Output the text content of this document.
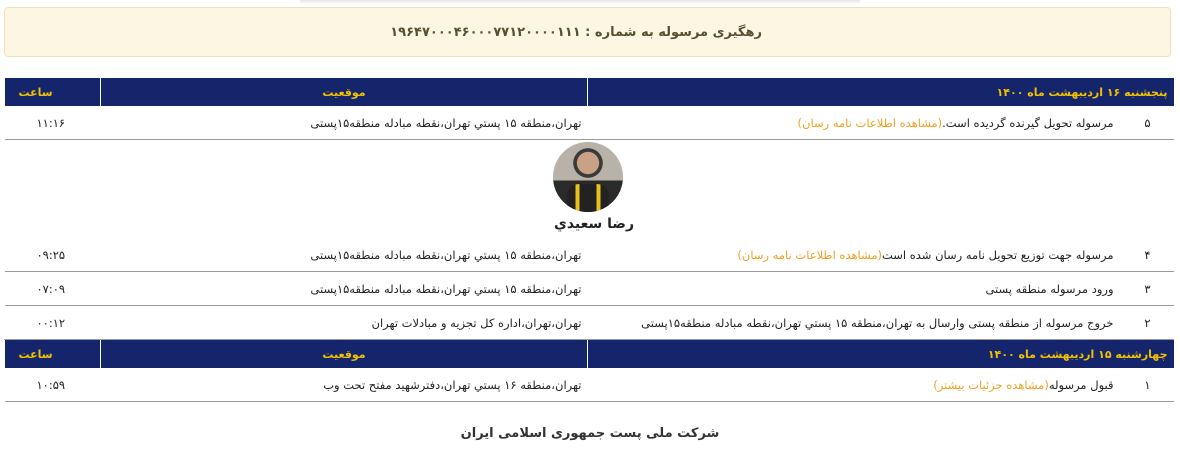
رهگیری مرسوله به شماره : ۱۹۶۴۷۰۰۰۴۶۰۰۰۷۷۱۲۰۰۰۰۱۱۱
پنجشنبه ۱۶ اردیبهشت ماه ۱۴۰۰	موقعیت	ساعت

۵
مرسوله تحویل گیرنده گردیده است.(مشاهده اطلاعات نامه رسان)	تهران،منطقه ۱۵ پستي تهران،نقطه مبادله منطقه۱۵پستی	۱۱:۱۶

رضا سعیدي		

۴
مرسوله جهت توزیع تحویل نامه رسان شده است(مشاهده اطلاعات نامه رسان)	تهران،منطقه ۱۵ پستي تهران،نقطه مبادله منطقه۱۵پستی	۰۹:۲۵

۳
ورود مرسوله منطقه پستی	تهران،منطقه ۱۵ پستي تهران،نقطه مبادله منطقه۱۵پستی	۰۷:۰۹

۲
خروج مرسوله از منطقه پستی وارسال به تهران،منطقه ۱۵ پستي تهران،نقطه مبادله منطقه۱۵پستی	تهران،تهران،اداره کل تجزیه و مبادلات تهران	۰۰:۱۲
چهارشنبه ۱۵ اردیبهشت ماه ۱۴۰۰	موقعیت	ساعت

۱
قبول مرسوله(مشاهده جزئیات بیشتر)	تهران،منطقه ۱۶ پستي تهران،دفترشهید مفتح تحت وب	۱۰:۵۹
شرکت ملی پست جمهوری اسلامی ایران
